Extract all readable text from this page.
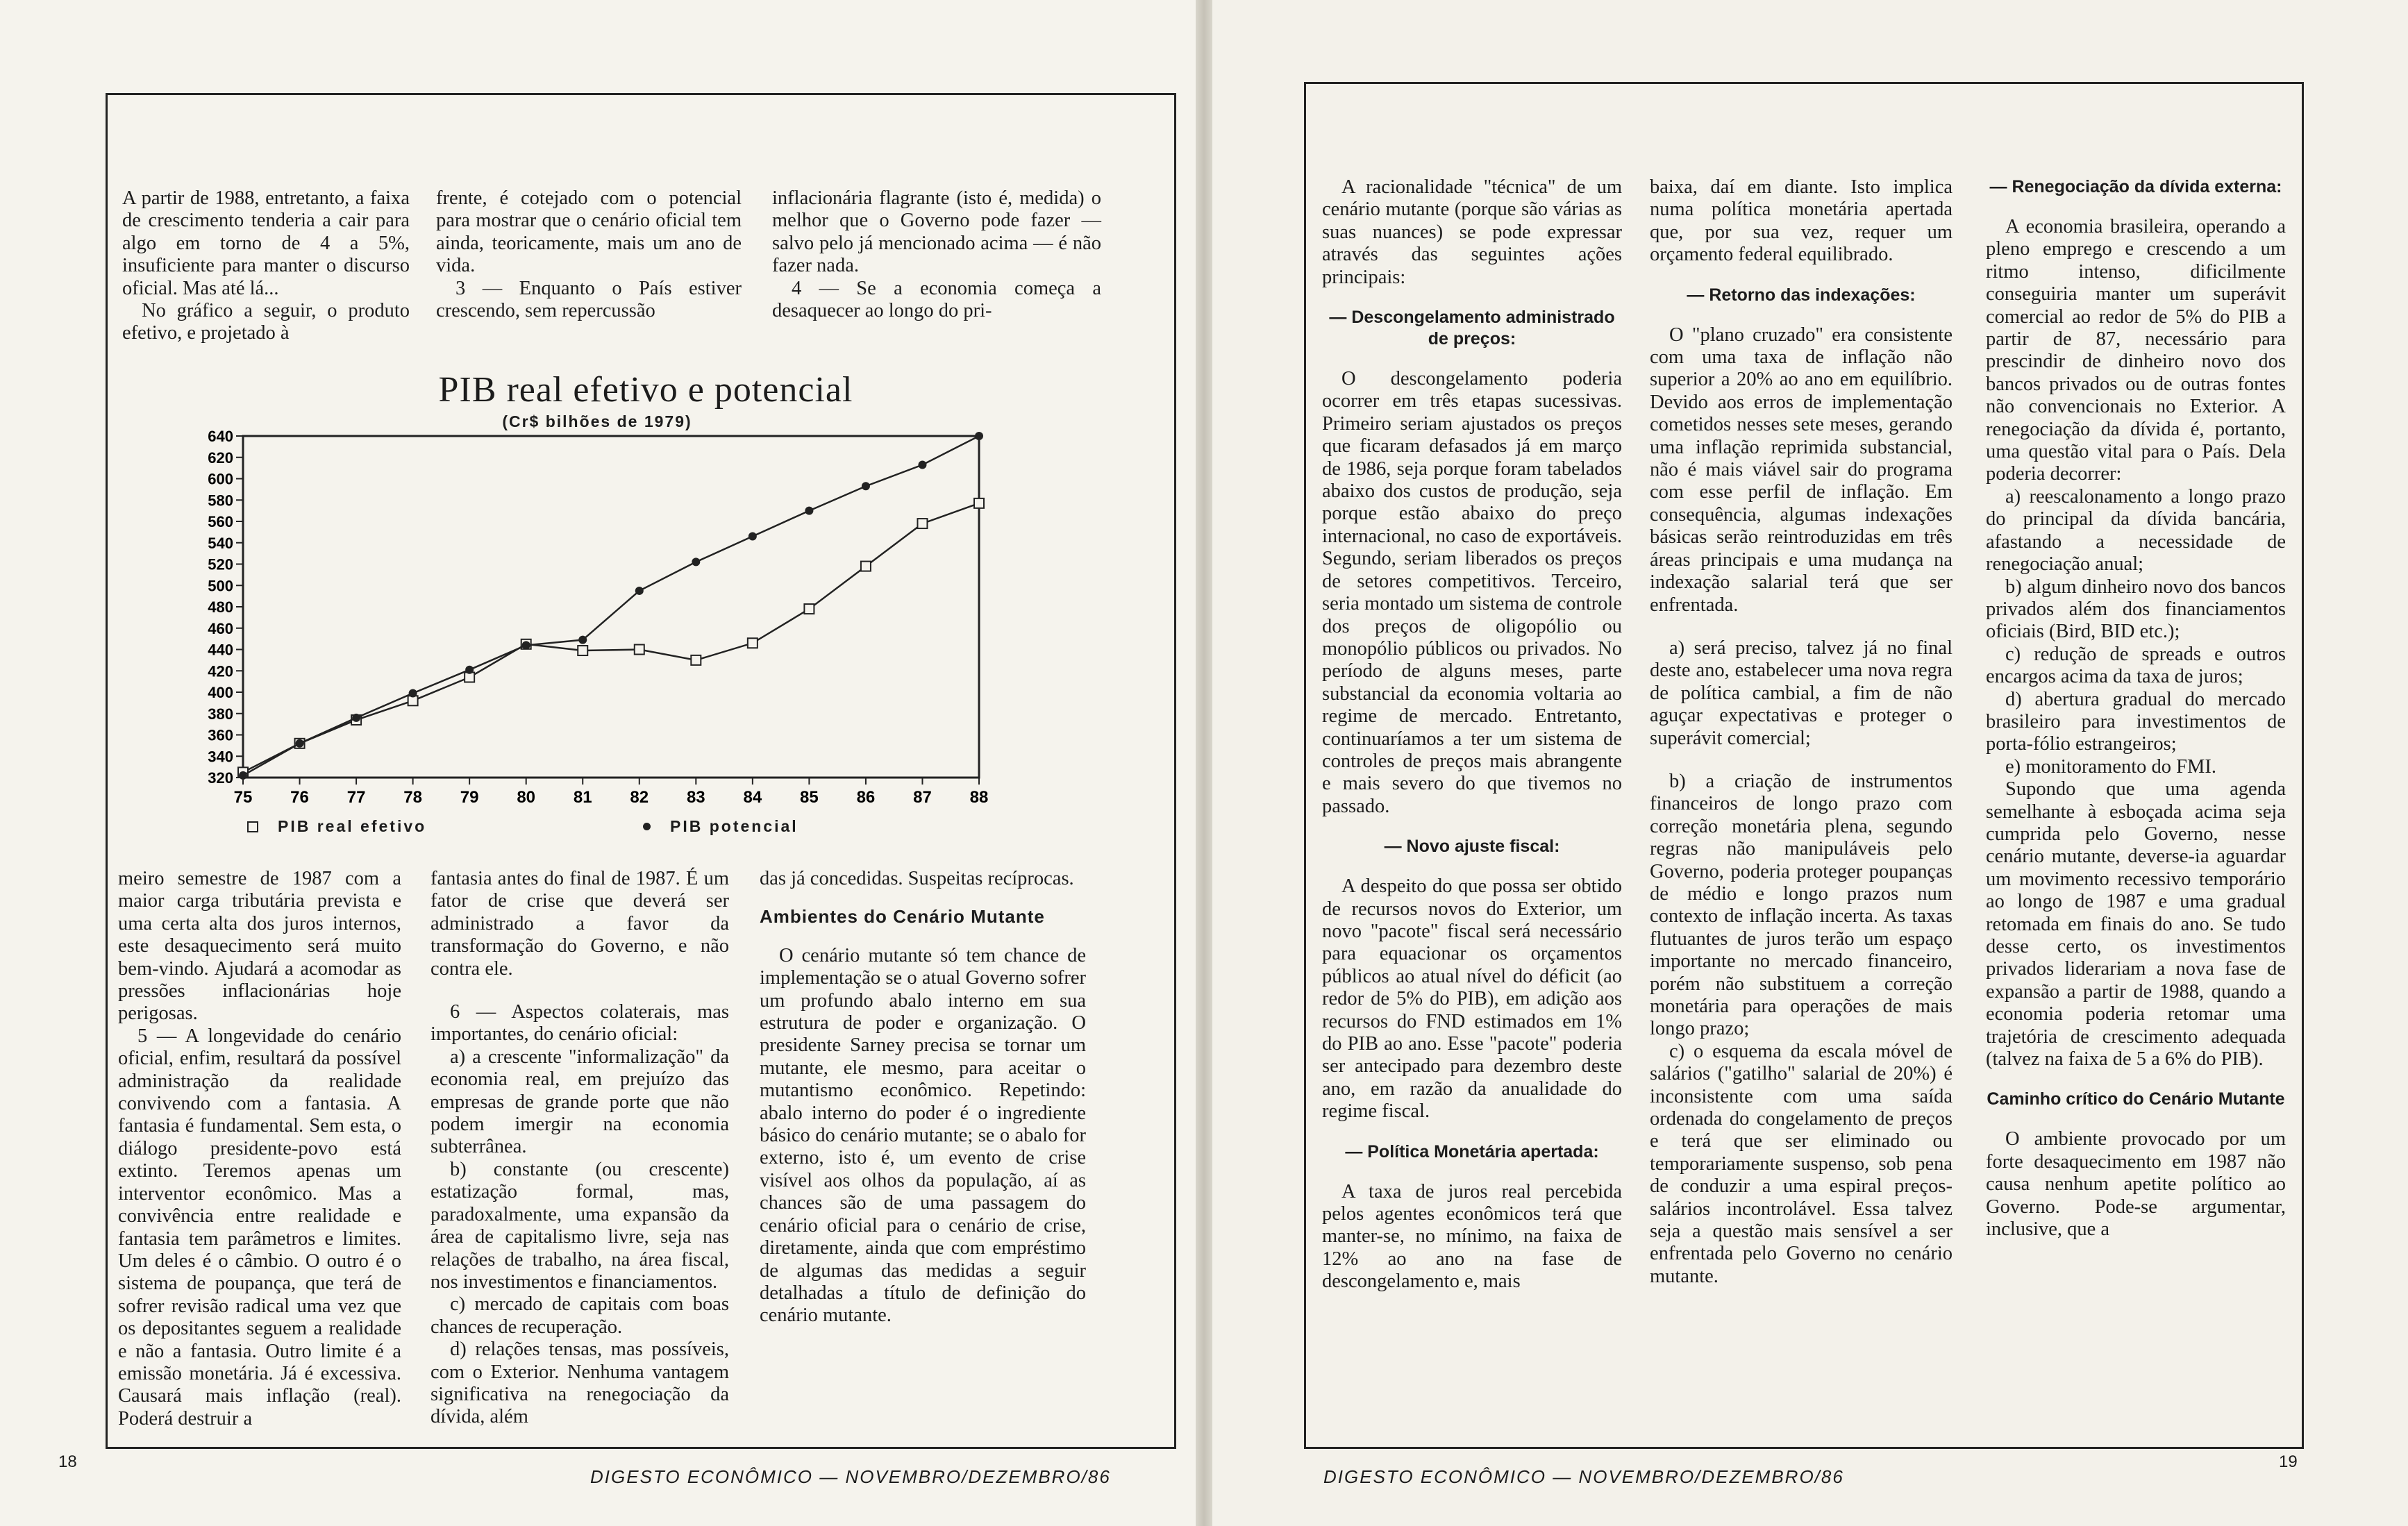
A partir de 1988, entretanto, a faixa de crescimento tenderia a cair para algo em torno de 4 a 5%, insuficiente para manter o discurso oficial. Mas até lá...

No gráfico a seguir, o produto efetivo, e projetado à

frente, é cotejado com o potencial para mostrar que o cenário oficial tem ainda, teoricamente, mais um ano de vida.

3 — Enquanto o País estiver crescendo, sem repercussão

inflacionária flagrante (isto é, medida) o melhor que o Governo pode fazer — salvo pelo já mencionado acima — é não fazer nada.

4 — Se a economia começa a desaquecer ao longo do pri-

PIB real efetivo e potencial
(Cr$ bilhões de 1979)
320
340
360
380
400
420
440
460
480
500
520
540
560
580
600
620
640
75 76 77 78 79 80 81 82 83 84 85 86 87 88
PIB real efetivo	PIB potencial

meiro semestre de 1987 com a maior carga tributária prevista e uma certa alta dos juros internos, este desaquecimento será muito bem-vindo. Ajudará a acomodar as pressões inflacionárias hoje perigosas.

5 — A longevidade do cenário oficial, enfim, resultará da possível administração da realidade convivendo com a fantasia. A fantasia é fundamental. Sem esta, o diálogo presidente-povo está extinto. Teremos apenas um interventor econômico. Mas a convivência entre realidade e fantasia tem parâmetros e limites. Um deles é o câmbio. O outro é o sistema de poupança, que terá de sofrer revisão radical uma vez que os depositantes seguem a realidade e não a fantasia. Outro limite é a emissão monetária. Já é excessiva. Causará mais inflação (real). Poderá destruir a

fantasia antes do final de 1987. É um fator de crise que deverá ser administrado a favor da transformação do Governo, e não contra ele.

6 — Aspectos colaterais, mas importantes, do cenário oficial:

a) a crescente "informalização" da economia real, em prejuízo das empresas de grande porte que não podem imergir na economia subterrânea.

b) constante (ou crescente) estatização formal, mas, paradoxalmente, uma expansão da área de capitalismo livre, seja nas relações de trabalho, na área fiscal, nos investimentos e financiamentos.

c) mercado de capitais com boas chances de recuperação.

d) relações tensas, mas possíveis, com o Exterior. Nenhuma vantagem significativa na renegociação da dívida, além

das já concedidas. Suspeitas recíprocas.

Ambientes do Cenário Mutante

O cenário mutante só tem chance de implementação se o atual Governo sofrer um profundo abalo interno em sua estrutura de poder e organização. O presidente Sarney precisa se tornar um mutante, ele mesmo, para aceitar o mutantismo econômico. Repetindo: abalo interno do poder é o ingrediente básico do cenário mutante; se o abalo for externo, isto é, um evento de crise visível aos olhos da população, aí as chances são de uma passagem do cenário oficial para o cenário de crise, diretamente, ainda que com empréstimo de algumas das medidas a seguir detalhadas a título de definição do cenário mutante.

18
DIGESTO ECONÔMICO — NOVEMBRO/DEZEMBRO/86

A racionalidade "técnica" de um cenário mutante (porque são várias as suas nuances) se pode expressar através das seguintes ações principais:

— Descongelamento administrado de preços:

O descongelamento poderia ocorrer em três etapas sucessivas. Primeiro seriam ajustados os preços que ficaram defasados já em março de 1986, seja porque foram tabelados abaixo dos custos de produção, seja porque estão abaixo do preço internacional, no caso de exportáveis. Segundo, seriam liberados os preços de setores competitivos. Terceiro, seria montado um sistema de controle dos preços de oligopólio ou monopólio públicos ou privados. No período de alguns meses, parte substancial da economia voltaria ao regime de mercado. Entretanto, continuaríamos a ter um sistema de controles de preços mais abrangente e mais severo do que tivemos no passado.

— Novo ajuste fiscal:

A despeito do que possa ser obtido de recursos novos do Exterior, um novo "pacote" fiscal será necessário para equacionar os orçamentos públicos ao atual nível do déficit (ao redor de 5% do PIB), em adição aos recursos do FND estimados em 1% do PIB ao ano. Esse "pacote" poderia ser antecipado para dezembro deste ano, em razão da anualidade do regime fiscal.

— Política Monetária apertada:

A taxa de juros real percebida pelos agentes econômicos terá que manter-se, no mínimo, na faixa de 12% ao ano na fase de descongelamento e, mais

baixa, daí em diante. Isto implica numa política monetária apertada que, por sua vez, requer um orçamento federal equilibrado.

— Retorno das indexações:

O "plano cruzado" era consistente com uma taxa de inflação não superior a 20% ao ano em equilíbrio. Devido aos erros de implementação cometidos nesses sete meses, gerando uma inflação reprimida substancial, não é mais viável sair do programa com esse perfil de inflação. Em consequência, algumas indexações básicas serão reintroduzidas em três áreas principais e uma mudança na indexação salarial terá que ser enfrentada.

a) será preciso, talvez já no final deste ano, estabelecer uma nova regra de política cambial, a fim de não aguçar expectativas e proteger o superávit comercial;

b) a criação de instrumentos financeiros de longo prazo com correção monetária plena, segundo regras não manipuláveis pelo Governo, poderia proteger poupanças de médio e longo prazos num contexto de inflação incerta. As taxas flutuantes de juros terão um espaço importante no mercado financeiro, porém não substituem a correção monetária para operações de mais longo prazo;

c) o esquema da escala móvel de salários ("gatilho" salarial de 20%) é inconsistente com uma saída ordenada do congelamento de preços e terá que ser eliminado ou temporariamente suspenso, sob pena de conduzir a uma espiral preços-salários incontrolável. Essa talvez seja a questão mais sensível a ser enfrentada pelo Governo no cenário mutante.

— Renegociação da dívida externa:

A economia brasileira, operando a pleno emprego e crescendo a um ritmo intenso, dificilmente conseguiria manter um superávit comercial ao redor de 5% do PIB a partir de 87, necessário para prescindir de dinheiro novo dos bancos privados ou de outras fontes não convencionais no Exterior. A renegociação da dívida é, portanto, uma questão vital para o País. Dela poderia decorrer:

a) reescalonamento a longo prazo do principal da dívida bancária, afastando a necessidade de renegociação anual;

b) algum dinheiro novo dos bancos privados além dos financiamentos oficiais (Bird, BID etc.);

c) redução de spreads e outros encargos acima da taxa de juros;

d) abertura gradual do mercado brasileiro para investimentos de porta-fólio estrangeiros;

e) monitoramento do FMI.

Supondo que uma agenda semelhante à esboçada acima seja cumprida pelo Governo, nesse cenário mutante, deverse-ia aguardar um movimento recessivo temporário ao longo de 1987 e uma gradual retomada em finais do ano. Se tudo desse certo, os investimentos privados liderariam a nova fase de expansão a partir de 1988, quando a economia poderia retomar uma trajetória de crescimento adequada (talvez na faixa de 5 a 6% do PIB).

Caminho crítico do Cenário Mutante

O ambiente provocado por um forte desaquecimento em 1987 não causa nenhum apetite político ao Governo. Pode-se argumentar, inclusive, que a

DIGESTO ECONÔMICO — NOVEMBRO/DEZEMBRO/86
19
